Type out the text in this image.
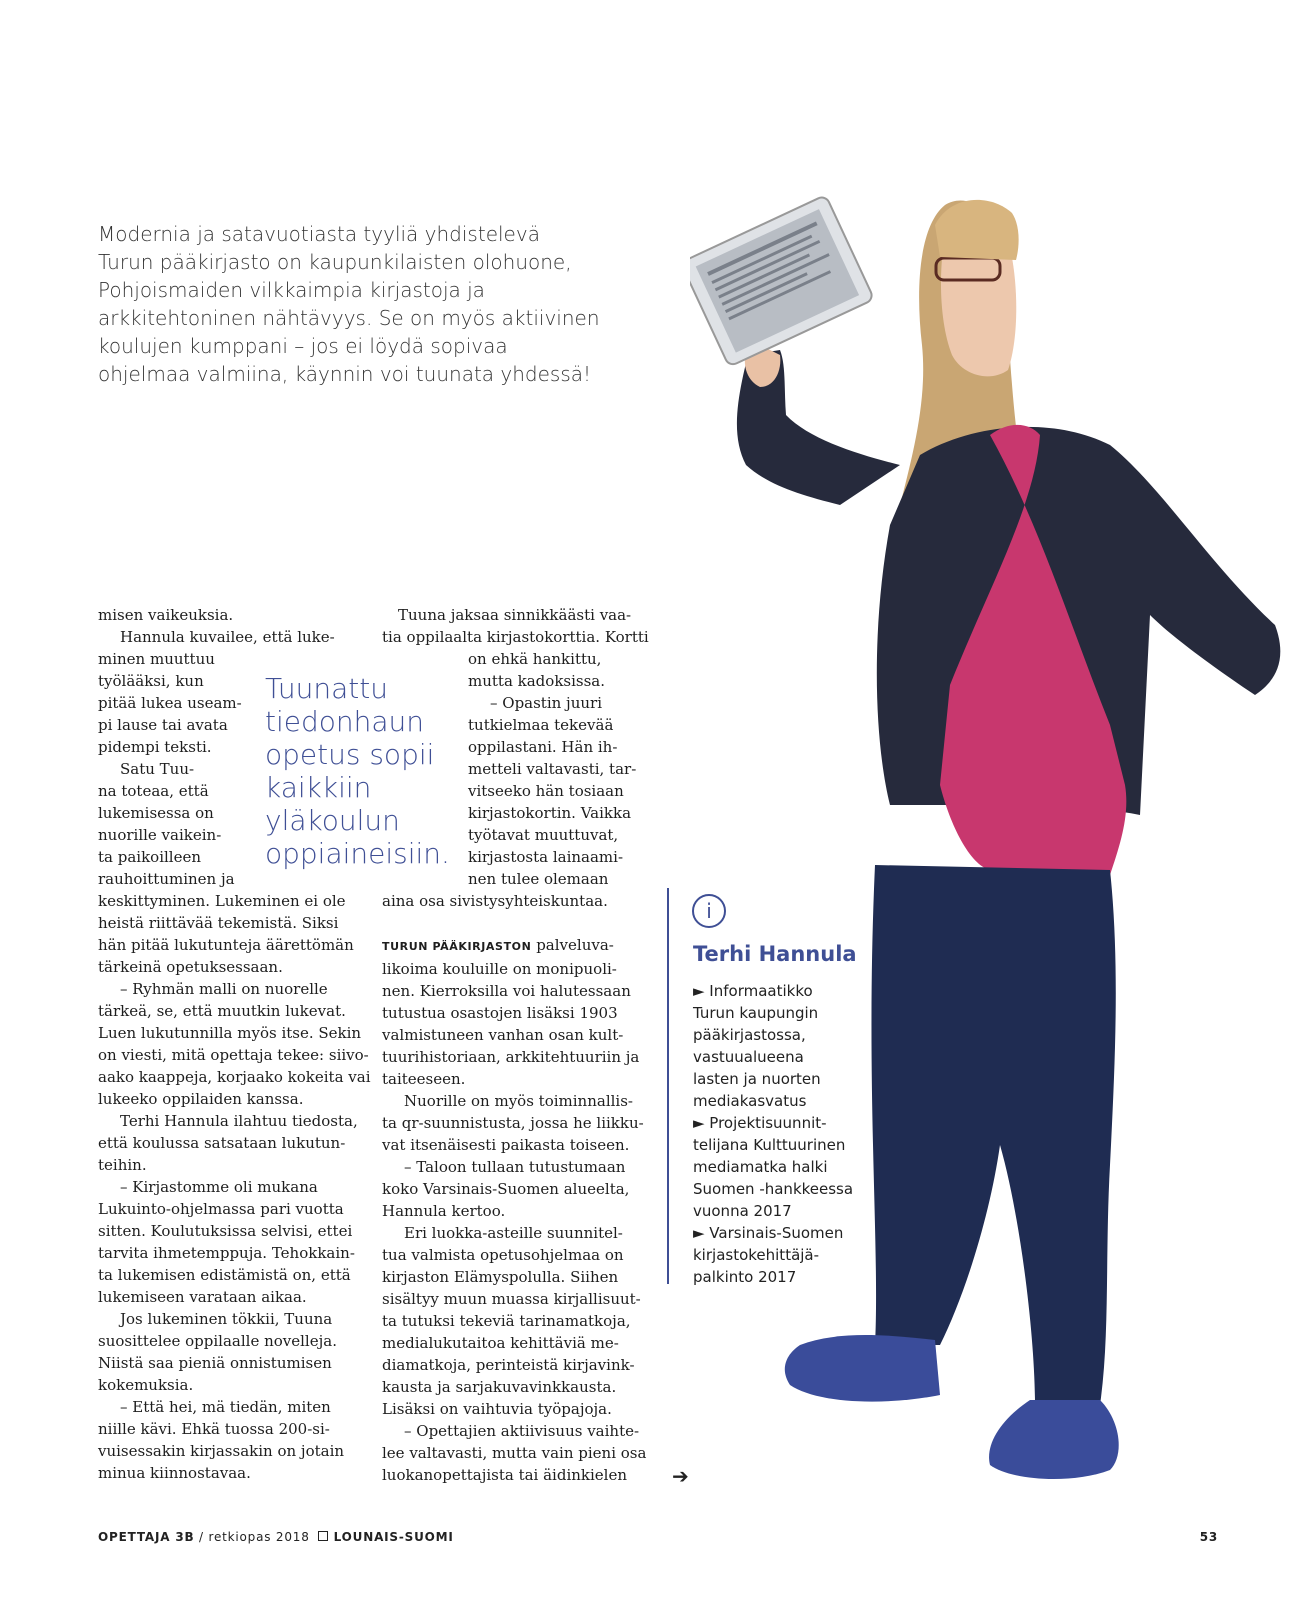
Modernia ja satavuotiasta tyyliä yhdistelevä
Turun pääkirjasto on kaupunkilaisten olohuone,
Pohjoismaiden vilkkaimpia kirjastoja ja
arkkitehtoninen nähtävyys. Se on myös aktiivinen
koulujen kumppani – jos ei löydä sopivaa
ohjelmaa valmiina, käynnin voi tuunata yhdessä!
misen vaikeuksia.
Hannula kuvailee, että luke-
minen muuttuu
työlääksi, kun
pitää lukea useam-
pi lause tai avata
pidempi teksti.
Satu Tuu-
na toteaa, että
lukemisessa on
nuorille vaikein-
ta paikoilleen
rauhoittuminen ja
keskittyminen. Lukeminen ei ole
heistä riittävää tekemistä. Siksi
hän pitää lukutunteja äärettömän
tärkeinä opetuksessaan.
– Ryhmän malli on nuorelle
tärkeä, se, että muutkin lukevat.
Luen lukutunnilla myös itse. Sekin
on viesti, mitä opettaja tekee: siivo-
aako kaappeja, korjaako kokeita vai
lukeeko oppilaiden kanssa.
Terhi Hannula ilahtuu tiedosta,
että koulussa satsataan lukutun-
teihin.
– Kirjastomme oli mukana
Lukuinto-ohjelmassa pari vuotta
sitten. Koulutuksissa selvisi, ettei
tarvita ihmetemppuja. Tehokkain-
ta lukemisen edistämistä on, että
lukemiseen varataan aikaa.
Jos lukeminen tökkii, Tuuna
suosittelee oppilaalle novelleja.
Niistä saa pieniä onnistumisen
kokemuksia.
– Että hei, mä tiedän, miten
niille kävi. Ehkä tuossa 200-si-
vuisessakin kirjassakin on jotain
minua kiinnostavaa.
Tuunattu
tiedonhaun
opetus sopii
kaikkiin
yläkoulun
oppiaineisiin.
Tuuna jaksaa sinnikkäästi vaa-
tia oppilaalta kirjastokorttia. Kortti
on ehkä hankittu,
mutta kadoksissa.
– Opastin juuri
tutkielmaa tekevää
oppilastani. Hän ih-
metteli valtavasti, tar-
vitseeko hän tosiaan
kirjastokortin. Vaikka
työtavat muuttuvat,
kirjastosta lainaami-
nen tulee olemaan
aina osa sivistysyhteiskuntaa.
TURUN PÄÄKIRJASTON palveluva-
likoima kouluille on monipuoli-
nen. Kierroksilla voi halutessaan
tutustua osastojen lisäksi 1903
valmistuneen vanhan osan kult-
tuurihistoriaan, arkkitehtuuriin ja
taiteeseen.
Nuorille on myös toiminnallis-
ta qr-suunnistusta, jossa he liikku-
vat itsenäisesti paikasta toiseen.
– Taloon tullaan tutustumaan
koko Varsinais-Suomen alueelta,
Hannula kertoo.
Eri luokka-asteille suunnitel-
tua valmista opetusohjelmaa on
kirjaston Elämyspolulla. Siihen
sisältyy muun muassa kirjallisuut-
ta tutuksi tekeviä tarinamatkoja,
medialukutaitoa kehittäviä me-
diamatkoja, perinteistä kirjavink-
kausta ja sarjakuvavinkkausta.
Lisäksi on vaihtuvia työpajoja.
– Opettajien aktiivisuus vaihte-
lee valtavasti, mutta vain pieni osa
luokanopettajista tai äidinkielen
i
Terhi Hannula
► Informaatikko
Turun kaupungin
pääkirjastossa,
vastuualueena
lasten ja nuorten
mediakasvatus
► Projektisuunnit-
telijana Kulttuurinen
mediamatka halki
Suomen -hankkeessa
vuonna 2017
► Varsinais-Suomen
kirjastokehittäjä-
palkinto 2017
➔
OPETTAJA 3B / retkiopas 2018 LOUNAIS-SUOMI	53
